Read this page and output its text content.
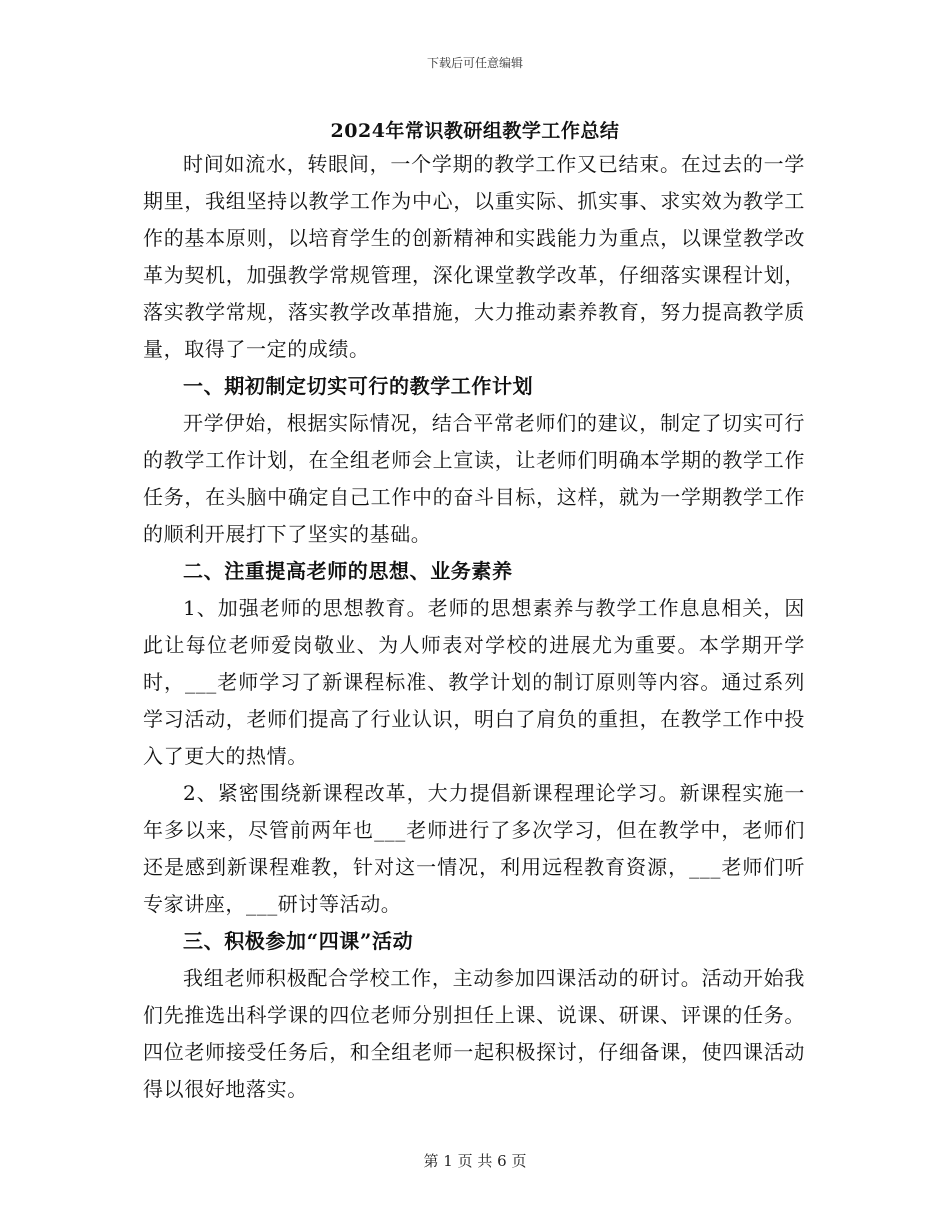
下载后可任意编辑
2024年常识教研组教学工作总结

时间如流水，转眼间，一个学期的教学工作又已结束。在过去的一学期里，我组坚持以教学工作为中心，以重实际、抓实事、求实效为教学工作的基本原则，以培育学生的创新精神和实践能力为重点，以课堂教学改革为契机，加强教学常规管理，深化课堂教学改革，仔细落实课程计划，落实教学常规，落实教学改革措施，大力推动素养教育，努力提高教学质量，取得了一定的成绩。

一、期初制定切实可行的教学工作计划

开学伊始，根据实际情况，结合平常老师们的建议，制定了切实可行的教学工作计划，在全组老师会上宣读，让老师们明确本学期的教学工作任务，在头脑中确定自己工作中的奋斗目标，这样，就为一学期教学工作的顺利开展打下了坚实的基础。

二、注重提高老师的思想、业务素养

1、加强老师的思想教育。老师的思想素养与教学工作息息相关，因此让每位老师爱岗敬业、为人师表对学校的进展尤为重要。本学期开学时，___老师学习了新课程标准、教学计划的制订原则等内容。通过系列学习活动，老师们提高了行业认识，明白了肩负的重担，在教学工作中投入了更大的热情。

2、紧密围绕新课程改革，大力提倡新课程理论学习。新课程实施一年多以来，尽管前两年也___老师进行了多次学习，但在教学中，老师们还是感到新课程难教，针对这一情况，利用远程教育资源，___老师们听专家讲座，___研讨等活动。

三、积极参加“四课”活动

我组老师积极配合学校工作，主动参加四课活动的研讨。活动开始我们先推选出科学课的四位老师分别担任上课、说课、研课、评课的任务。四位老师接受任务后，和全组老师一起积极探讨，仔细备课，使四课活动得以很好地落实。

第 1 页 共 6 页
